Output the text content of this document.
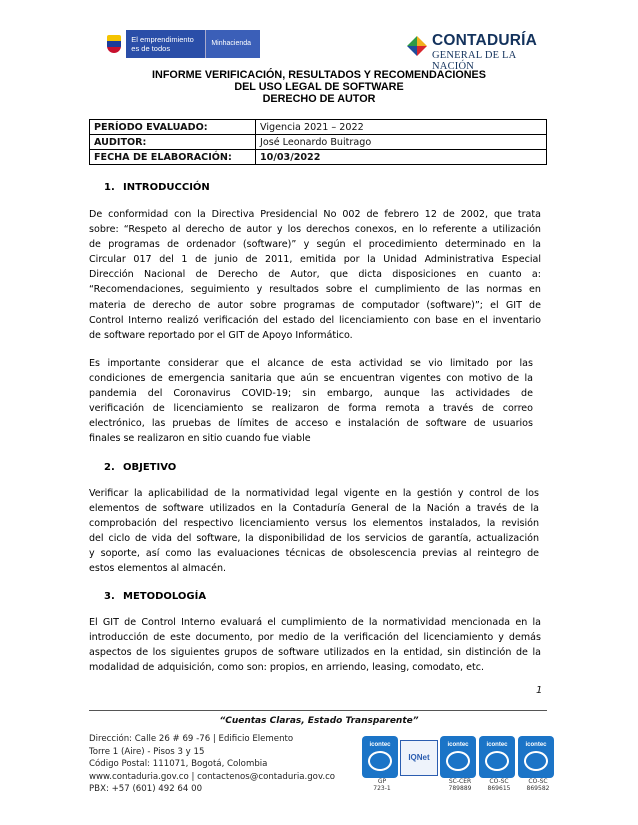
El emprendimiento
es de todos
Minhacienda	CONTADURÍA
GENERAL DE LA NACIÓN
INFORME VERIFICACIÓN, RESULTADOS Y RECOMENDACIONES
DEL USO LEGAL DE SOFTWARE
DERECHO DE AUTOR
PERÍODO EVALUADO:	Vigencia 2021 – 2022
AUDITOR:	José Leonardo Buitrago
FECHA DE ELABORACIÓN:	10/03/2022
1. INTRODUCCIÓN
De conformidad con la Directiva Presidencial No 002 de febrero 12 de 2002, que trata
sobre: “Respeto al derecho de autor y los derechos conexos, en lo referente a utilización
de programas de ordenador (software)” y según el procedimiento determinado en la
Circular 017 del 1 de junio de 2011, emitida por la Unidad Administrativa Especial
Dirección Nacional de Derecho de Autor, que dicta disposiciones en cuanto a:
“Recomendaciones, seguimiento y resultados sobre el cumplimiento de las normas en
materia de derecho de autor sobre programas de computador (software)”; el GIT de
Control Interno realizó verificación del estado del licenciamiento con base en el inventario
de software reportado por el GIT de Apoyo Informático.
Es importante considerar que el alcance de esta actividad se vio limitado por las
condiciones de emergencia sanitaria que aún se encuentran vigentes con motivo de la
pandemia del Coronavirus COVID-19; sin embargo, aunque las actividades de
verificación de licenciamiento se realizaron de forma remota a través de correo
electrónico, las pruebas de límites de acceso e instalación de software de usuarios
finales se realizaron en sitio cuando fue viable
2. OBJETIVO
Verificar la aplicabilidad de la normatividad legal vigente en la gestión y control de los
elementos de software utilizados en la Contaduría General de la Nación a través de la
comprobación del respectivo licenciamiento versus los elementos instalados, la revisión
del ciclo de vida del software, la disponibilidad de los servicios de garantía, actualización
y soporte, así como las evaluaciones técnicas de obsolescencia previas al reintegro de
estos elementos al almacén.
3. METODOLOGÍA
El GIT de Control Interno evaluará el cumplimiento de la normatividad mencionada en la
introducción de este documento, por medio de la verificación del licenciamiento y demás
aspectos de los siguientes grupos de software utilizados en la entidad, sin distinción de la
modalidad de adquisición, como son: propios, en arriendo, leasing, comodato, etc.
1
“Cuentas Claras, Estado Transparente”
Dirección: Calle 26 # 69 -76 | Edificio Elemento
Torre 1 (Aire) - Pisos 3 y 15
Código Postal: 111071, Bogotá, Colombia
www.contaduria.gov.co | contactenos@contaduria.gov.co
PBX: +57 (601) 492 64 00
icontec
GP
723-1
IQNet
icontec
SC-CER
789889
icontec
CO-SC
869615
icontec
CO-SC
869582
